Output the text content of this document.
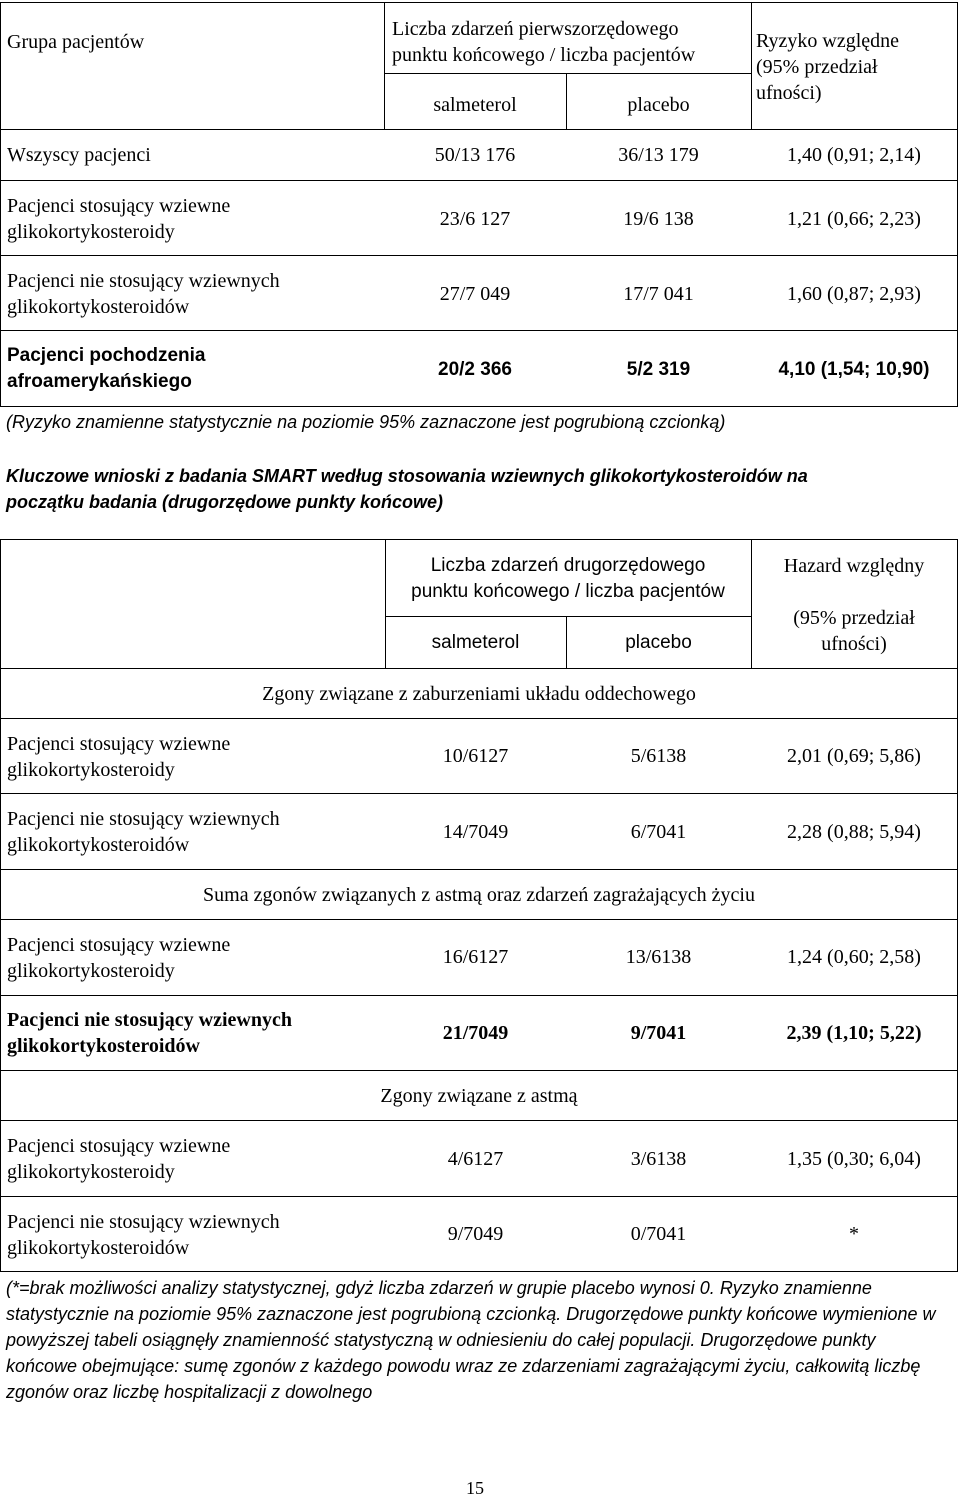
Grupa pacjentów
Liczba zdarzeń pierwszorzędowego
punktu końcowego / liczba pacjentów
salmeterol	placebo
Ryzyko względne
(95% przedział
ufności)
Wszyscy pacjenci	50/13 176	36/13 179	1,40 (0,91; 2,14)
Pacjenci stosujący wziewne
glikokortykosteroidy
23/6 127	19/6 138	1,21 (0,66; 2,23)
Pacjenci nie stosujący wziewnych
glikokortykosteroidów
27/7 049	17/7 041	1,60 (0,87; 2,93)
Pacjenci pochodzenia
afroamerykańskiego
20/2 366	5/2 319	4,10 (1,54; 10,90)
(Ryzyko znamienne statystycznie na poziomie 95% zaznaczone jest pogrubioną czcionką)
Kluczowe wnioski z badania SMART według stosowania wziewnych glikokortykosteroidów na
początku badania (drugorzędowe punkty końcowe)
Liczba zdarzeń drugorzędowego
punktu końcowego / liczba pacjentów
salmeterol	placebo
Hazard względny
(95% przedział
ufności)
Zgony związane z zaburzeniami układu oddechowego
Pacjenci stosujący wziewne
glikokortykosteroidy
10/6127	5/6138	2,01 (0,69; 5,86)
Pacjenci nie stosujący wziewnych
glikokortykosteroidów
14/7049	6/7041	2,28 (0,88; 5,94)
Suma zgonów związanych z astmą oraz zdarzeń zagrażających życiu
Pacjenci stosujący wziewne
glikokortykosteroidy
16/6127	13/6138	1,24 (0,60; 2,58)
Pacjenci nie stosujący wziewnych
glikokortykosteroidów
21/7049	9/7041	2,39 (1,10; 5,22)
Zgony związane z astmą
Pacjenci stosujący wziewne
glikokortykosteroidy
4/6127	3/6138	1,35 (0,30; 6,04)
Pacjenci nie stosujący wziewnych
glikokortykosteroidów
9/7049	0/7041	*
(*=brak możliwości analizy statystycznej, gdyż liczba zdarzeń w grupie placebo wynosi 0. Ryzyko znamienne statystycznie na poziomie 95% zaznaczone jest pogrubioną czcionką. Drugorzędowe punkty końcowe wymienione w powyższej tabeli osiągnęły znamienność statystyczną w odniesieniu do całej populacji. Drugorzędowe punkty końcowe obejmujące: sumę zgonów z każdego powodu wraz ze zdarzeniami zagrażającymi życiu, całkowitą liczbę zgonów oraz liczbę hospitalizacji z dowolnego
15
